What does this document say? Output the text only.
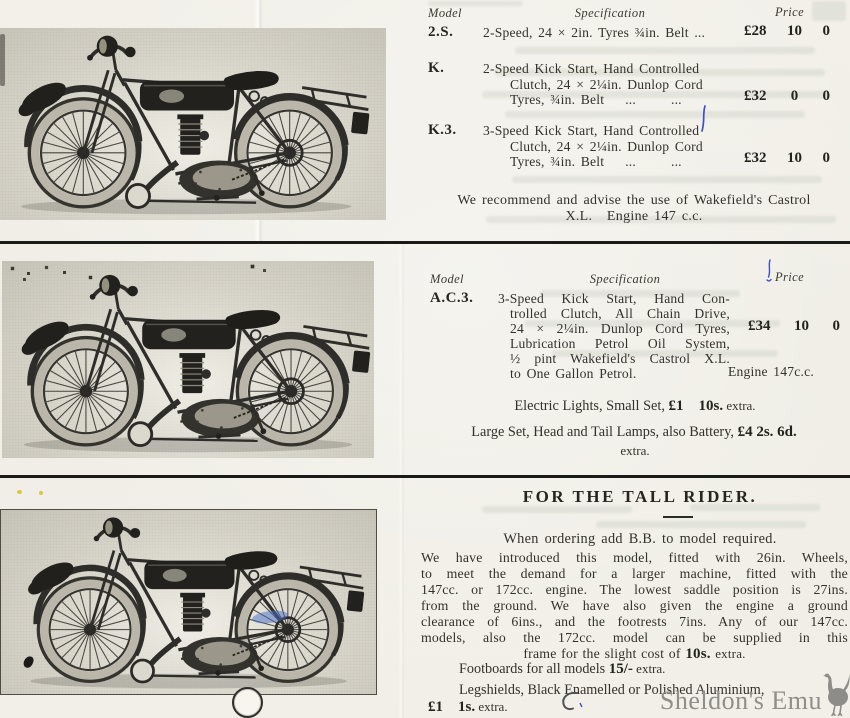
Model	Specification	Price
2.S. 2-Speed, 24 × 2in. Tyres ¾in. Belt ...	£28 10 0
K.	2-Speed Kick Start, Hand Controlled
Clutch, 24 × 2¼in. Dunlop Cord
Tyres, ¾in. Belt   ...     ...	£32 0 0
K.3. 3-Speed Kick Start, Hand Controlled
Clutch, 24 × 2¼in. Dunlop Cord
Tyres, ¾in. Belt   ...     ...	£32 10 0
We recommend and advise the use of Wakefield's Castrol
X.L.  Engine 147 c.c.
Model	Specification	Price
A.C.3. 3-Speed Kick Start, Hand Con-
trolled Clutch, All Chain Drive,
24 × 2¼in. Dunlop Cord Tyres,
Lubrication Petrol Oil System,
½ pint Wakefield's Castrol X.L.
to One Gallon Petrol.
£34 10 0
Engine 147c.c.
Electric Lights, Small Set, £1  10s. extra.
Large Set, Head and Tail Lamps, also Battery, £4 2s. 6d.
extra.
FOR THE TALL RIDER.
When ordering add B.B. to model required.
We have introduced this model, fitted with 26in. Wheels,
to meet the demand for a larger machine, fitted with the
147cc. or 172cc. engine. The lowest saddle position is 27ins.
from the ground. We have also given the engine a ground
clearance of 6ins., and the footrests 7ins. Any of our 147cc.
models, also the 172cc. model can be supplied in this
frame for the slight cost of 10s. extra.
Footboards for all models 15/- extra.
Legshields, Black Enamelled or Polished Aluminium,
£1  1s. extra.	Sheldon's Emu
